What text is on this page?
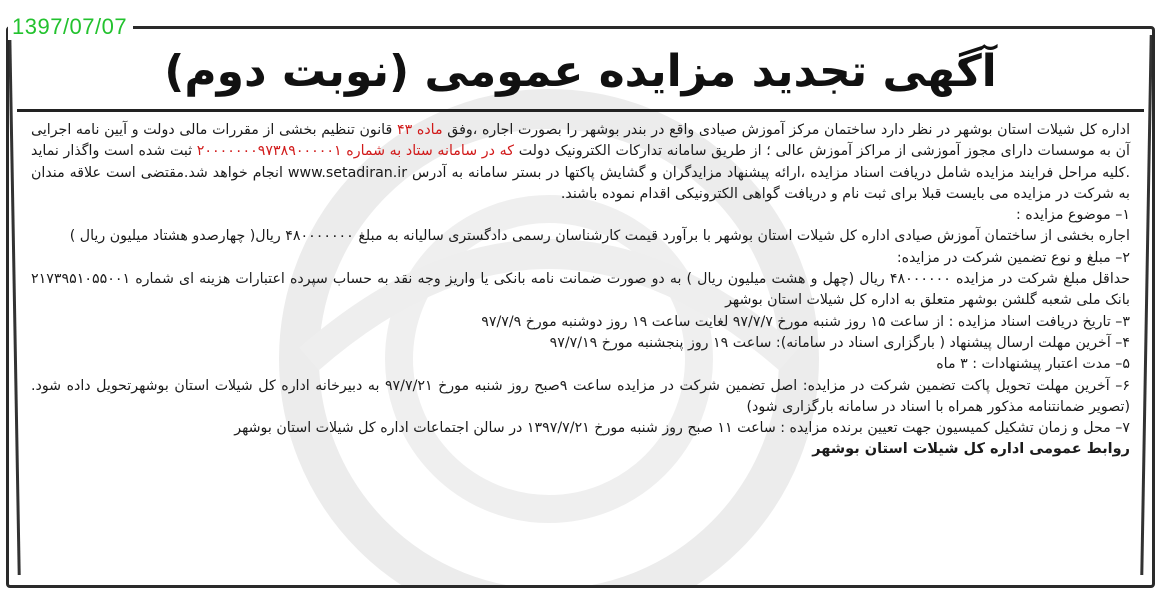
1397/07/07
آگهی تجدید مزایده عمومی (نوبت دوم)

اداره کل شیلات استان بوشهر در نظر دارد ساختمان مرکز آموزش صیادی واقع در بندر بوشهر را بصورت اجاره ،وفق ماده ۴۳ قانون تنظیم بخشی از مقررات مالی دولت و آیین نامه اجرایی آن به موسسات دارای مجوز آموزشی از مراکز آموزش عالی ؛ از طریق سامانه تدارکات الکترونیک دولت که در سامانه ستاد به شماره ۲۰۰۰۰۰۰۰۹۷۳۸۹۰۰۰۰۰۱ ثبت شده است واگذار نماید .کلیه مراحل فرایند مزایده شامل دریافت اسناد مزایده ،ارائه پیشنهاد مزایدگران و گشایش پاکتها در بستر سامانه به آدرس www.setadiran.ir انجام خواهد شد.مقتضی است علاقه مندان به شرکت در مزایده می بایست قبلا برای ثبت نام و دریافت گواهی الکترونیکی اقدام نموده باشند.

۱– موضوع مزایده :

اجاره بخشی از ساختمان آموزش صیادی اداره کل شیلات استان بوشهر با برآورد قیمت کارشناسان رسمی دادگستری سالیانه به مبلغ ۴۸۰۰۰۰۰۰۰ ریال( چهارصدو هشتاد میلیون ریال )

۲– مبلغ و نوع تضمین شرکت در مزایده:

حداقل مبلغ شرکت در مزایده ۴۸۰۰۰۰۰۰ ریال (چهل و هشت میلیون ریال ) به دو صورت ضمانت نامه بانکی یا واریز وجه نقد به حساب سپرده اعتبارات هزینه ای شماره ۲۱۷۳۹۵۱۰۵۵۰۰۱ بانک ملی شعبه گلشن بوشهر متعلق به اداره کل شیلات استان بوشهر

۳– تاریخ دریافت اسناد مزایده : از ساعت ۱۵ روز شنبه مورخ ۹۷/۷/۷ لغایت ساعت ۱۹ روز دوشنبه مورخ ۹۷/۷/۹

۴– آخرین مهلت ارسال پیشنهاد ( بارگزاری اسناد در سامانه): ساعت ۱۹ روز پنجشنبه مورخ ۹۷/۷/۱۹

۵– مدت اعتبار پیشنهادات : ۳ ماه

۶– آخرین مهلت تحویل پاکت تضمین شرکت در مزایده: اصل تضمین شرکت در مزایده ساعت ۹صبح روز شنبه مورخ ۹۷/۷/۲۱ به دبیرخانه اداره کل شیلات استان بوشهرتحویل داده شود.(تصویر ضمانتنامه مذکور همراه با اسناد در سامانه بارگزاری شود)

۷– محل و زمان تشکیل کمیسیون جهت تعیین برنده مزایده : ساعت ۱۱ صبح روز شنبه مورخ ۱۳۹۷/۷/۲۱ در سالن اجتماعات اداره کل شیلات استان بوشهر

روابط عمومی اداره کل شیلات استان بوشهر
